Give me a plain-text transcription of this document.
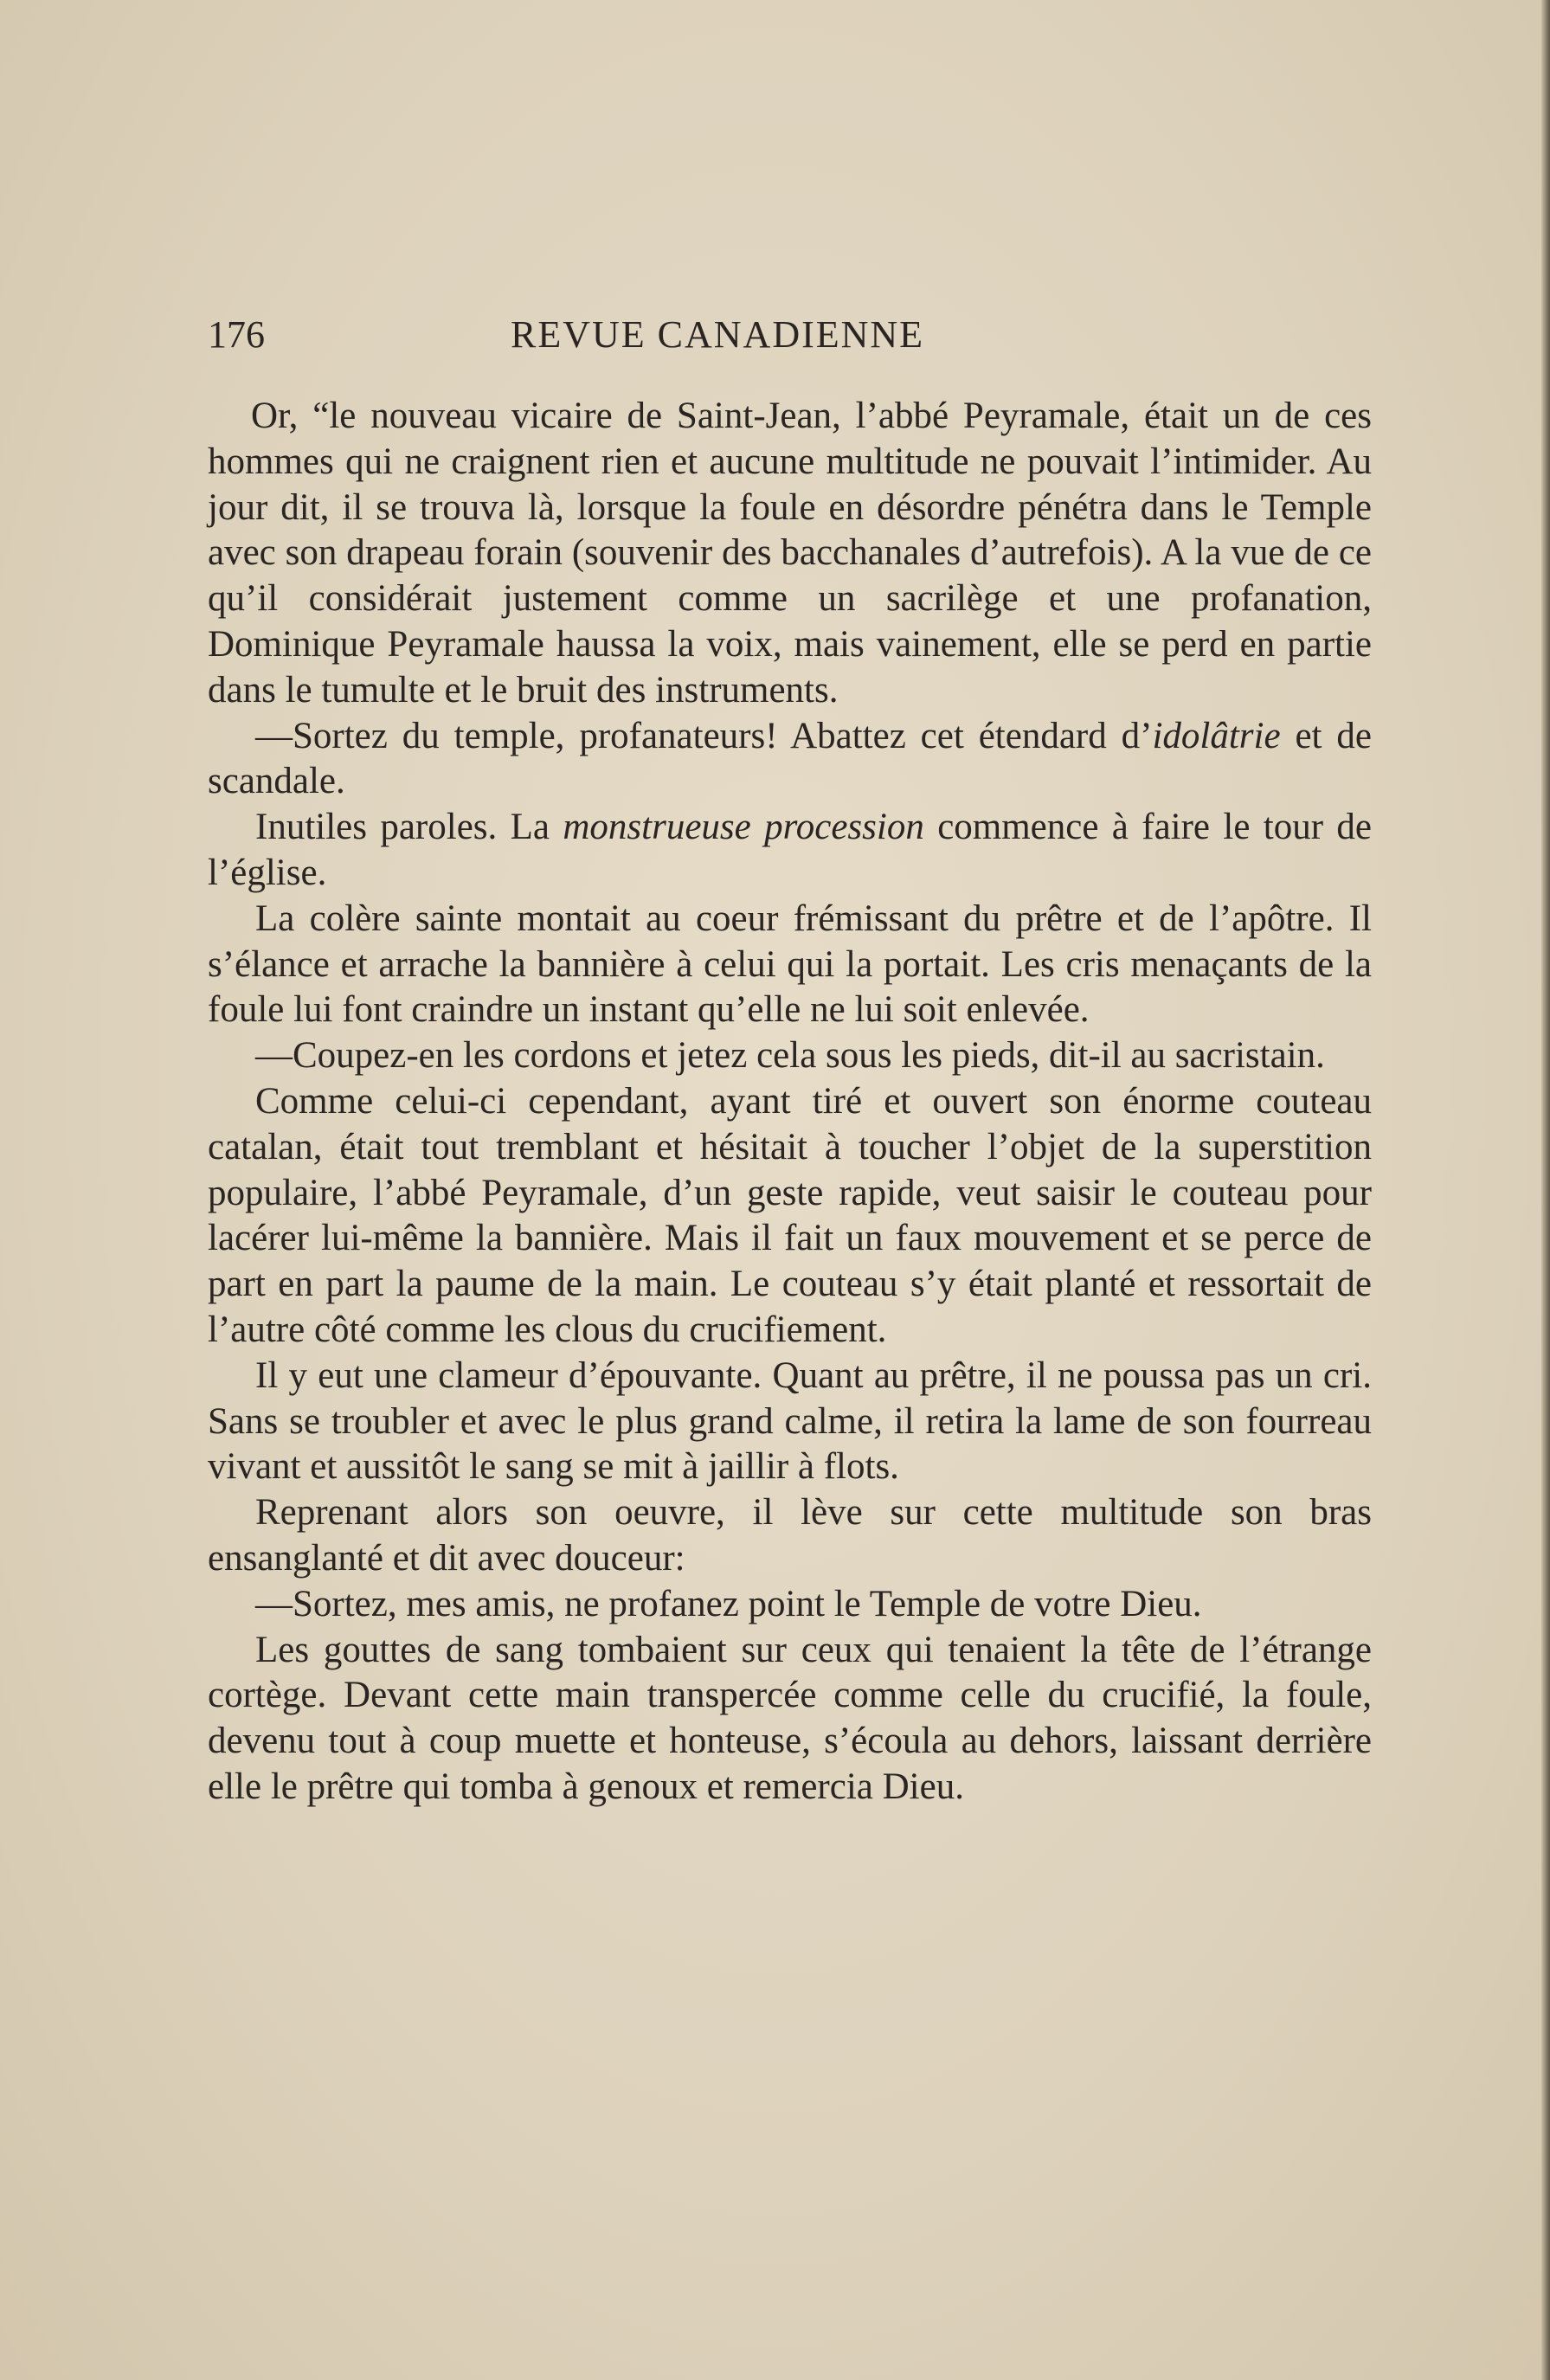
176	REVUE CANADIENNE

Or, “le nouveau vicaire de Saint-Jean, l’abbé Peyramale, était un de ces hommes qui ne craignent rien et aucune multitude ne pouvait l’intimider. Au jour dit, il se trouva là, lorsque la foule en désordre pénétra dans le Temple avec son drapeau forain (souvenir des bacchanales d’autrefois). A la vue de ce qu’il considérait justement comme un sacrilège et une profanation, Dominique Peyramale haussa la voix, mais vainement, elle se perd en partie dans le tumulte et le bruit des instruments.

—Sortez du temple, profanateurs! Abattez cet étendard d’idolâtrie et de scandale.

Inutiles paroles. La monstrueuse procession commence à faire le tour de l’église.

La colère sainte montait au coeur frémissant du prêtre et de l’apôtre. Il s’élance et arrache la bannière à celui qui la portait. Les cris menaçants de la foule lui font craindre un instant qu’elle ne lui soit enlevée.

—Coupez-en les cordons et jetez cela sous les pieds, dit-il au sacristain.

Comme celui-ci cependant, ayant tiré et ouvert son énorme couteau catalan, était tout tremblant et hésitait à toucher l’objet de la superstition populaire, l’abbé Peyramale, d’un geste rapide, veut saisir le couteau pour lacérer lui-même la bannière. Mais il fait un faux mouvement et se perce de part en part la paume de la main. Le couteau s’y était planté et ressortait de l’autre côté comme les clous du crucifiement.

Il y eut une clameur d’épouvante. Quant au prêtre, il ne poussa pas un cri. Sans se troubler et avec le plus grand calme, il retira la lame de son fourreau vivant et aussitôt le sang se mit à jaillir à flots.

Reprenant alors son oeuvre, il lève sur cette multitude son bras ensanglanté et dit avec douceur:

—Sortez, mes amis, ne profanez point le Temple de votre Dieu.

Les gouttes de sang tombaient sur ceux qui tenaient la tête de l’étrange cortège. Devant cette main transpercée comme celle du crucifié, la foule, devenu tout à coup muette et honteuse, s’écoula au dehors, laissant derrière elle le prêtre qui tomba à genoux et remercia Dieu.
